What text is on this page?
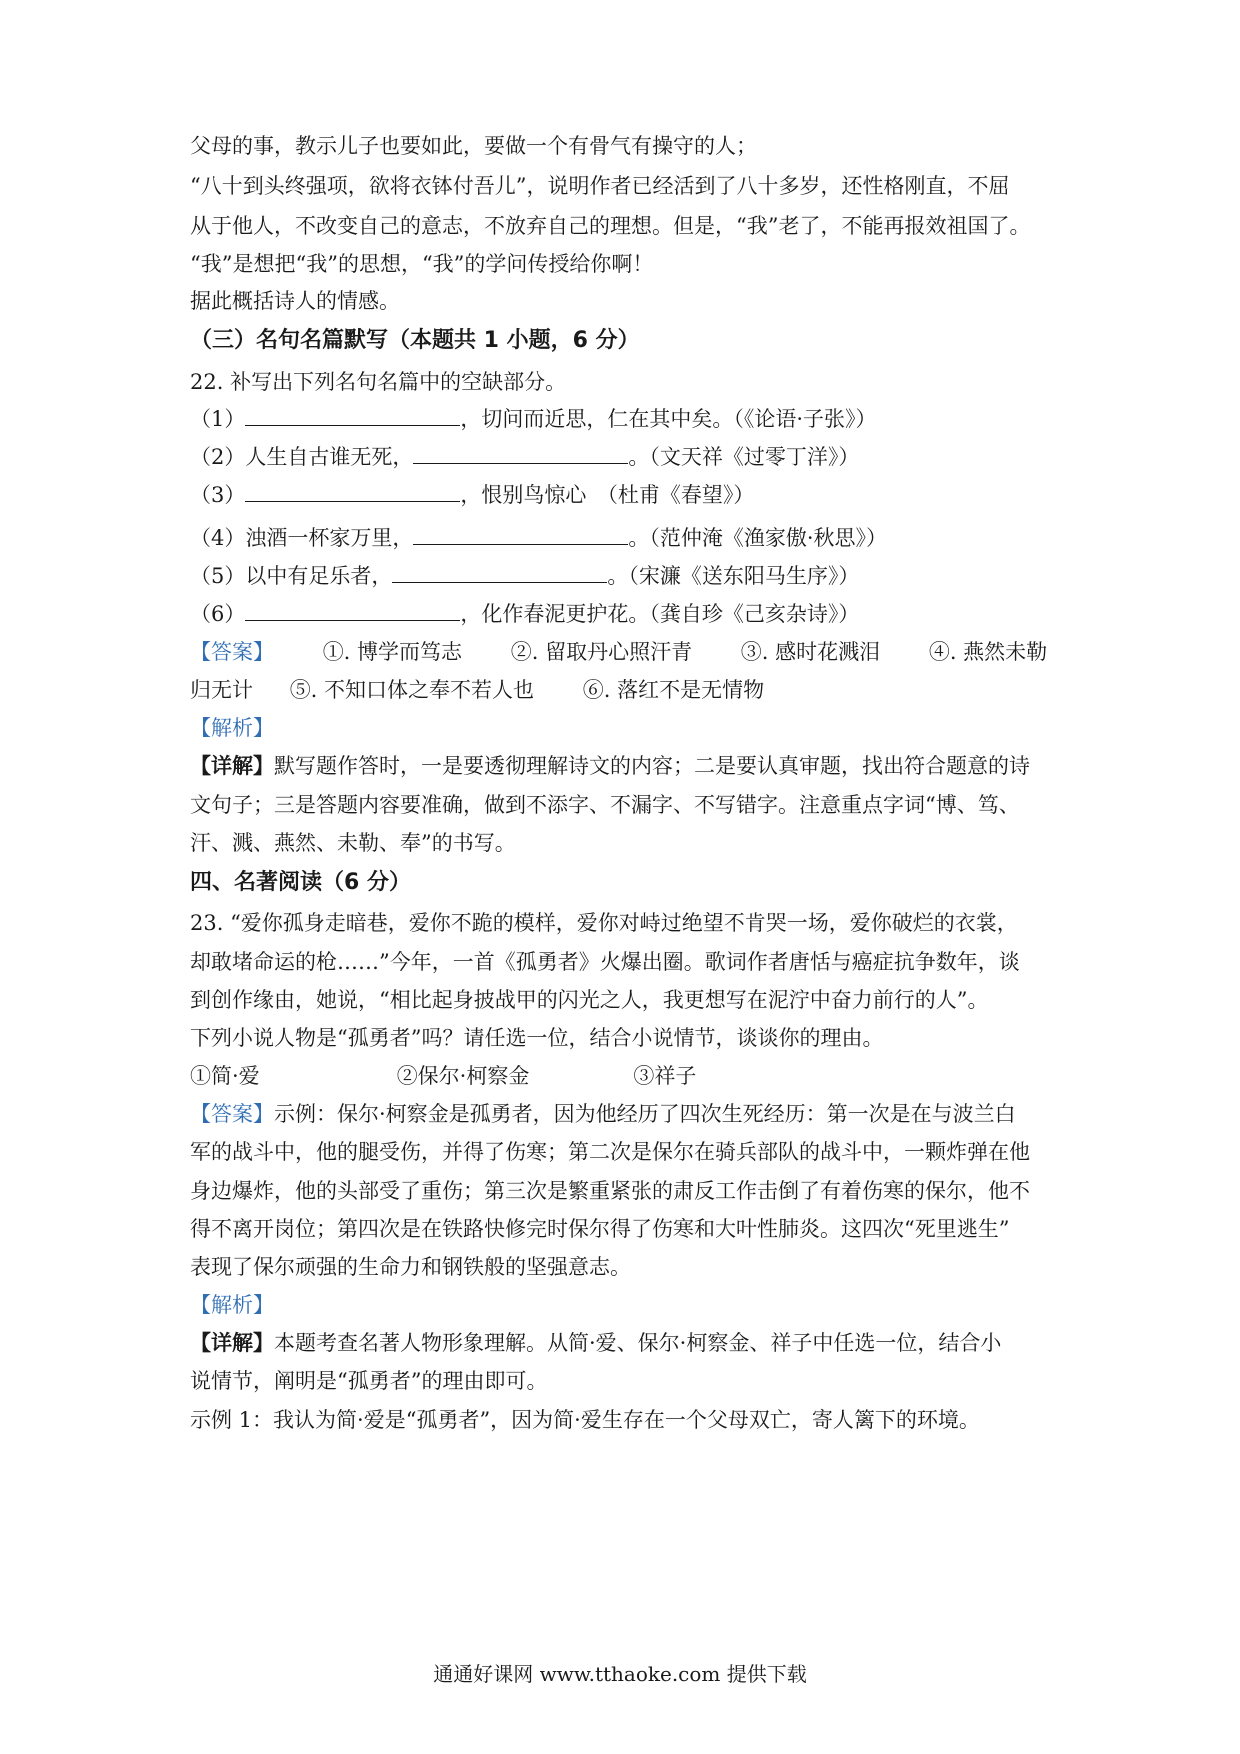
父母的事，教示儿子也要如此，要做一个有骨气有操守的人；
“八十到头终强项，欲将衣钵付吾儿”，说明作者已经活到了八十多岁，还性格刚直，不屈
从于他人，不改变自己的意志，不放弃自己的理想。但是，“我”老了，不能再报效祖国了。
“我”是想把“我”的思想，“我”的学问传授给你啊！
据此概括诗人的情感。
（三）名句名篇默写（本题共 1 小题，6 分）
22. 补写出下列名句名篇中的空缺部分。
（1）	，切问而近思，仁在其中矣。（《论语·子张》）
（2）人生自古谁无死，	。（文天祥《过零丁洋》）
（3）	，恨别鸟惊心　（杜甫《春望》）
（4）浊酒一杯家万里，	。（范仲淹《渔家傲·秋思》）
（5）以中有足乐者，	。（宋濂《送东阳马生序》）
（6）	，化作春泥更护花。（龚自珍《己亥杂诗》）
【答案】 ①. 博学而笃志 ②. 留取丹心照汗青 ③. 感时花溅泪 ④. 燕然未勒
归无计 ⑤. 不知口体之奉不若人也 ⑥. 落红不是无情物
【解析】
【详解】默写题作答时，一是要透彻理解诗文的内容；二是要认真审题，找出符合题意的诗
文句子；三是答题内容要准确，做到不添字、不漏字、不写错字。注意重点字词“博、笃、
汗、溅、燕然、未勒、奉”的书写。
四、名著阅读（6 分）
23. “爱你孤身走暗巷，爱你不跪的模样，爱你对峙过绝望不肯哭一场，爱你破烂的衣裳，
却敢堵命运的枪……”今年，一首《孤勇者》火爆出圈。歌词作者唐恬与癌症抗争数年，谈
到创作缘由，她说，“相比起身披战甲的闪光之人，我更想写在泥泞中奋力前行的人”。
下列小说人物是“孤勇者”吗？请任选一位，结合小说情节，谈谈你的理由。
①简·爱	②保尔·柯察金	③祥子
【答案】示例：保尔·柯察金是孤勇者，因为他经历了四次生死经历：第一次是在与波兰白
军的战斗中，他的腿受伤，并得了伤寒；第二次是保尔在骑兵部队的战斗中，一颗炸弹在他
身边爆炸，他的头部受了重伤；第三次是繁重紧张的肃反工作击倒了有着伤寒的保尔，他不
得不离开岗位；第四次是在铁路快修完时保尔得了伤寒和大叶性肺炎。这四次“死里逃生”
表现了保尔顽强的生命力和钢铁般的坚强意志。
【解析】
【详解】本题考查名著人物形象理解。从简·爱、保尔·柯察金、祥子中任选一位，结合小
说情节，阐明是“孤勇者”的理由即可。
示例 1：我认为简·爱是“孤勇者”，因为简·爱生存在一个父母双亡，寄人篱下的环境。
通通好课网 www.tthaoke.com 提供下载
